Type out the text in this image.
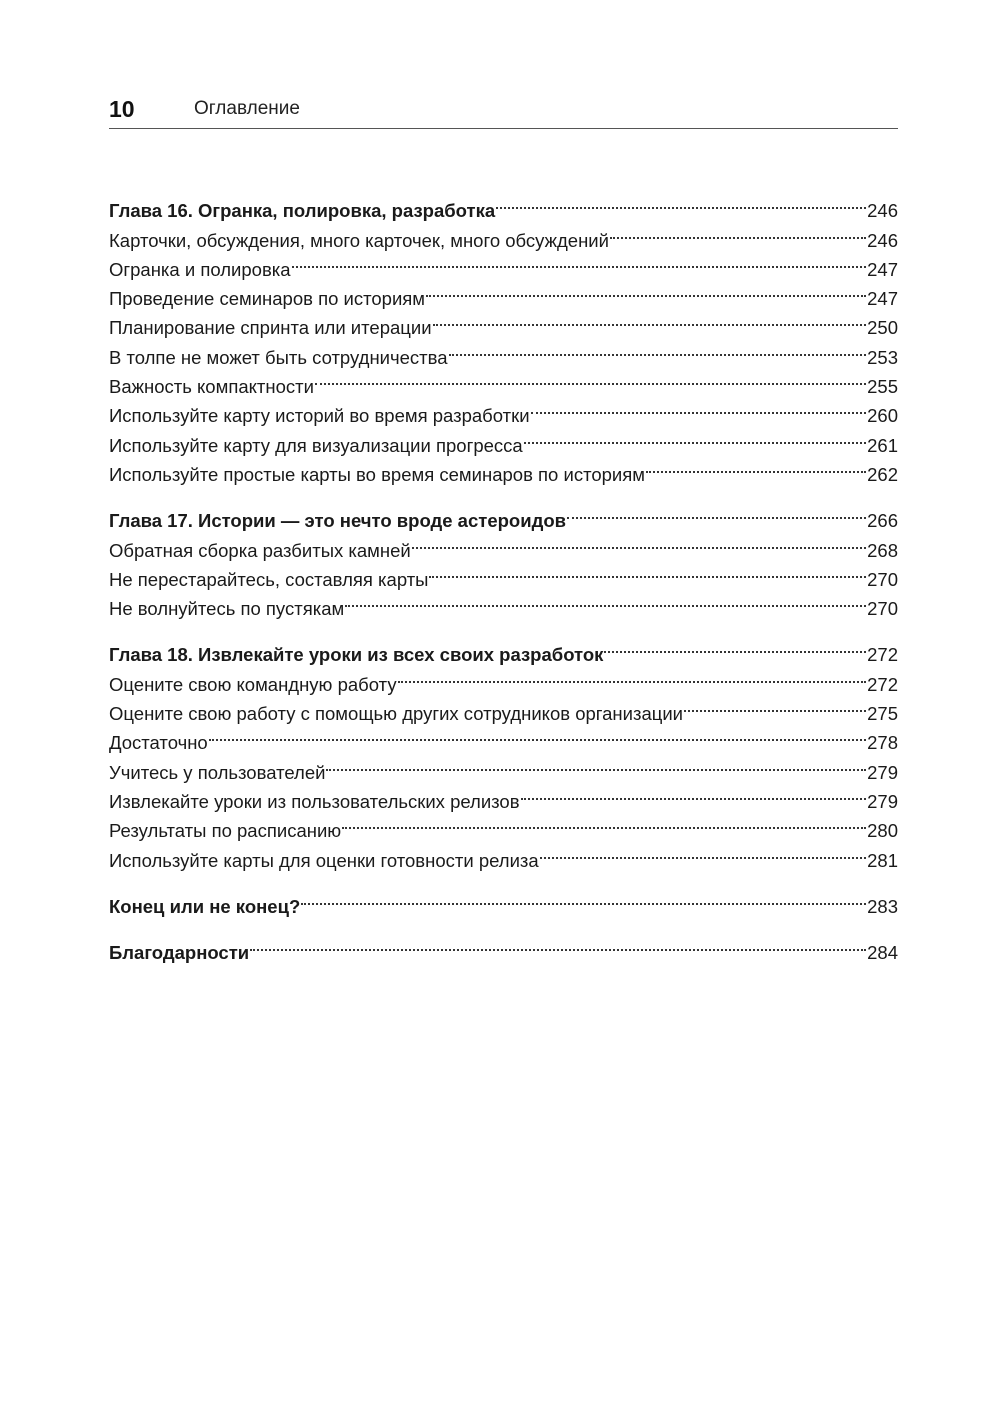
10	Оглавление
Глава 16. Огранка, полировка, разработка	246
Карточки, обсуждения, много карточек, много обсуждений	246
Огранка и полировка	247
Проведение семинаров по историям	247
Планирование спринта или итерации	250
В толпе не может быть сотрудничества	253
Важность компактности	255
Используйте карту историй во время разработки	260
Используйте карту для визуализации прогресса	261
Используйте простые карты во время семинаров по историям	262
Глава 17. Истории — это нечто вроде астероидов	266
Обратная сборка разбитых камней	268
Не перестарайтесь, составляя карты	270
Не волнуйтесь по пустякам	270
Глава 18. Извлекайте уроки из всех своих разработок	272
Оцените свою командную работу	272
Оцените свою работу с помощью других сотрудников организации	275
Достаточно	278
Учитесь у пользователей	279
Извлекайте уроки из пользовательских релизов	279
Результаты по расписанию	280
Используйте карты для оценки готовности релиза	281
Конец или не конец?	283
Благодарности	284
